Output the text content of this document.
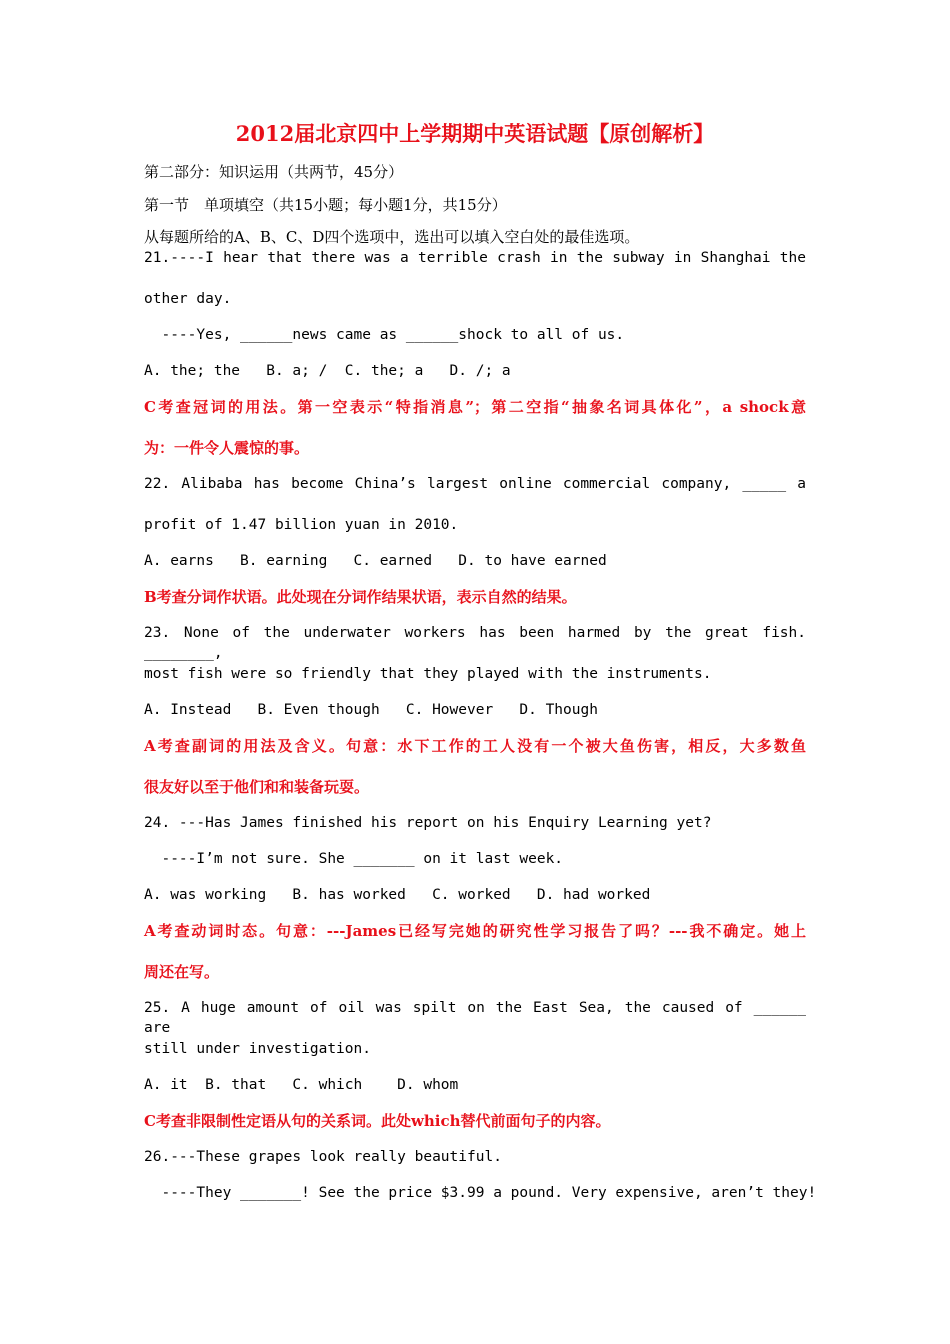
2012届北京四中上学期期中英语试题【原创解析】
第二部分：知识运用（共两节，45分）
第一节　单项填空（共15小题；每小题1分，共15分）
从每题所给的A、B、C、D四个选项中，选出可以填入空白处的最佳选项。
21.----I hear that there was a terrible crash in the subway in Shanghai the
other day.
----Yes, ______news came as ______shock to all of us.
A. the; the   B. a; /  C. the; a   D. /; a
C考查冠词的用法。第一空表示“特指消息”；第二空指“抽象名词具体化”，a shock意
为：一件令人震惊的事。
22. Alibaba has become China’s largest online commercial company, _____ a
profit of 1.47 billion yuan in 2010.
A. earns   B. earning   C. earned   D. to have earned
B考查分词作状语。此处现在分词作结果状语，表示自然的结果。
23. None of the underwater workers has been harmed by the great fish. ________,
most fish were so friendly that they played with the instruments.
A. Instead   B. Even though   C. However   D. Though
A考查副词的用法及含义。句意：水下工作的工人没有一个被大鱼伤害，相反，大多数鱼
很友好以至于他们和和装备玩耍。
24. ---Has James finished his report on his Enquiry Learning yet?
----I’m not sure. She _______ on it last week.
A. was working   B. has worked   C. worked   D. had worked
A考查动词时态。句意：---James已经写完她的研究性学习报告了吗？---我不确定。她上
周还在写。
25. A huge amount of oil was spilt on the East Sea, the caused of ______ are
still under investigation.
A. it  B. that   C. which    D. whom
C考查非限制性定语从句的关系词。此处which替代前面句子的内容。
26.---These grapes look really beautiful.
----They _______! See the price $3.99 a pound. Very expensive, aren’t they!
